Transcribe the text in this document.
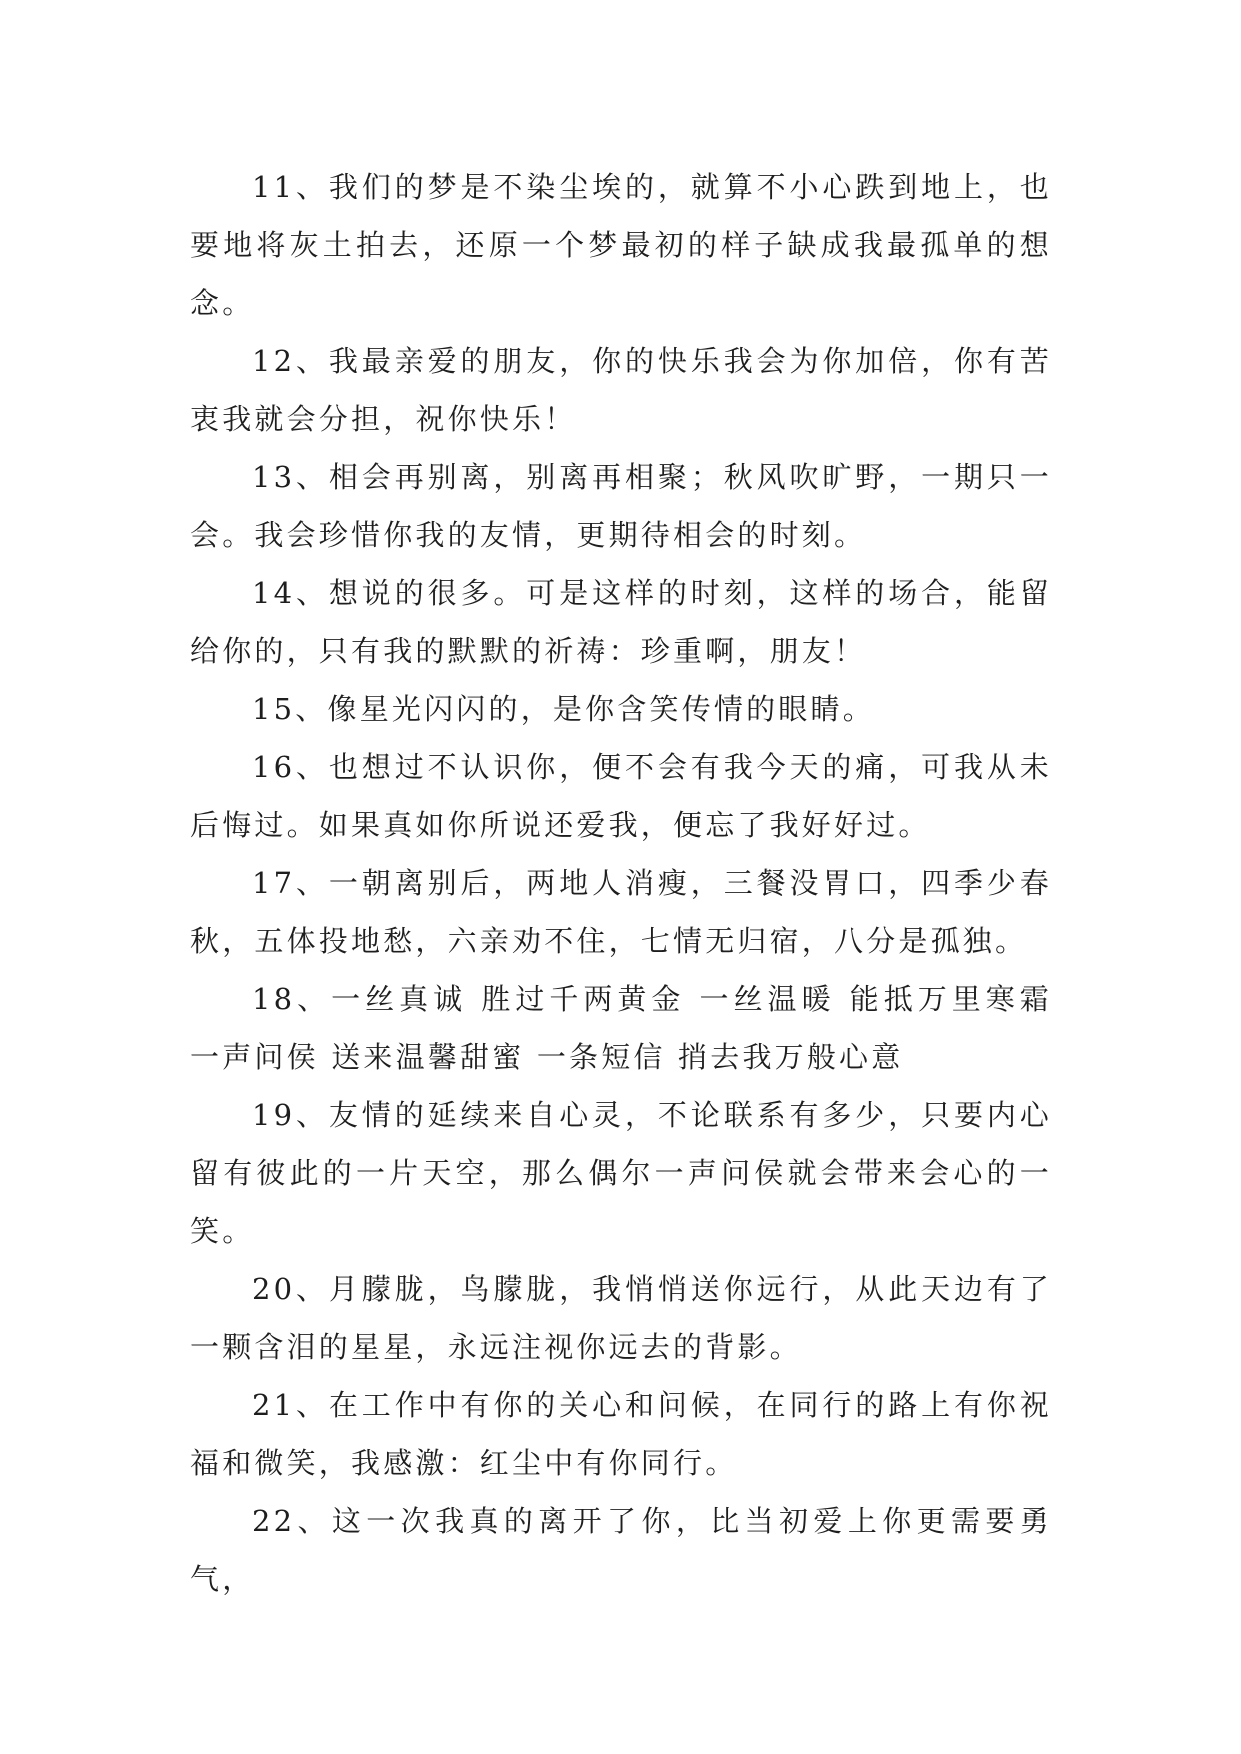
11、我们的梦是不染尘埃的，就算不小心跌到地上，也要地将灰土拍去，还原一个梦最初的样子缺成我最孤单的想念。

12、我最亲爱的朋友，你的快乐我会为你加倍，你有苦衷我就会分担，祝你快乐！

13、相会再别离，别离再相聚；秋风吹旷野，一期只一会。我会珍惜你我的友情，更期待相会的时刻。

14、想说的很多。可是这样的时刻，这样的场合，能留给你的，只有我的默默的祈祷：珍重啊，朋友！

15、像星光闪闪的，是你含笑传情的眼睛。

16、也想过不认识你，便不会有我今天的痛，可我从未后悔过。如果真如你所说还爱我，便忘了我好好过。

17、一朝离别后，两地人消瘦，三餐没胃口，四季少春秋，五体投地愁，六亲劝不住，七情无归宿，八分是孤独。

18、一丝真诚 胜过千两黄金 一丝温暖 能抵万里寒霜 一声问侯 送来温馨甜蜜 一条短信 捎去我万般心意

19、友情的延续来自心灵，不论联系有多少，只要内心留有彼此的一片天空，那么偶尔一声问侯就会带来会心的一笑。

20、月朦胧，鸟朦胧，我悄悄送你远行，从此天边有了一颗含泪的星星，永远注视你远去的背影。

21、在工作中有你的关心和问候，在同行的路上有你祝福和微笑，我感激：红尘中有你同行。

22、这一次我真的离开了你，比当初爱上你更需要勇气，
